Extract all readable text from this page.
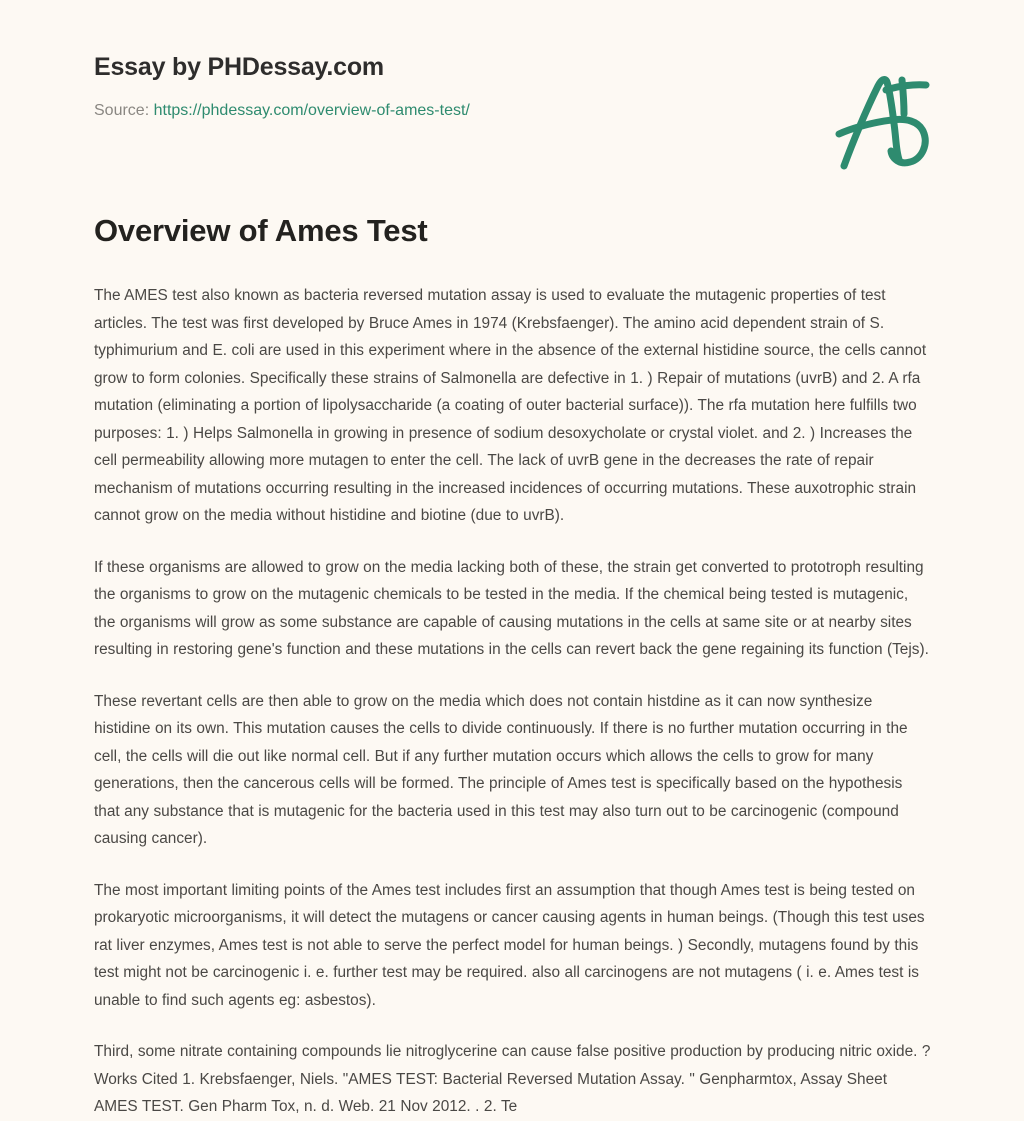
Essay by PHDessay.com
Source: https://phdessay.com/overview-of-ames-test/
Overview of Ames Test

The AMES test also known as bacteria reversed mutation assay is used to evaluate the mutagenic properties of test articles. The test was first developed by Bruce Ames in 1974 (Krebsfaenger). The amino acid dependent strain of S. typhimurium and E. coli are used in this experiment where in the absence of the external histidine source, the cells cannot grow to form colonies. Specifically these strains of Salmonella are defective in 1. ) Repair of mutations (uvrB) and 2. A rfa mutation (eliminating a portion of lipolysaccharide (a coating of outer bacterial surface)). The rfa mutation here fulfills two purposes: 1. ) Helps Salmonella in growing in presence of sodium desoxycholate or crystal violet. and 2. ) Increases the cell permeability allowing more mutagen to enter the cell. The lack of uvrB gene in the decreases the rate of repair mechanism of mutations occurring resulting in the increased incidences of occurring mutations. These auxotrophic strain cannot grow on the media without histidine and biotine (due to uvrB).

If these organisms are allowed to grow on the media lacking both of these, the strain get converted to prototroph resulting the organisms to grow on the mutagenic chemicals to be tested in the media. If the chemical being tested is mutagenic, the organisms will grow as some substance are capable of causing mutations in the cells at same site or at nearby sites resulting in restoring gene's function and these mutations in the cells can revert back the gene regaining its function (Tejs).

These revertant cells are then able to grow on the media which does not contain histdine as it can now synthesize histidine on its own. This mutation causes the cells to divide continuously. If there is no further mutation occurring in the cell, the cells will die out like normal cell. But if any further mutation occurs which allows the cells to grow for many generations, then the cancerous cells will be formed. The principle of Ames test is specifically based on the hypothesis that any substance that is mutagenic for the bacteria used in this test may also turn out to be carcinogenic (compound causing cancer).

The most important limiting points of the Ames test includes first an assumption that though Ames test is being tested on prokaryotic microorganisms, it will detect the mutagens or cancer causing agents in human beings. (Though this test uses rat liver enzymes, Ames test is not able to serve the perfect model for human beings. ) Secondly, mutagens found by this test might not be carcinogenic i. e. further test may be required. also all carcinogens are not mutagens ( i. e. Ames test is unable to find such agents eg: asbestos).

Third, some nitrate containing compounds lie nitroglycerine can cause false positive production by producing nitric oxide. ? Works Cited 1. Krebsfaenger, Niels. "AMES TEST: Bacterial Reversed Mutation Assay. " Genpharmtox, Assay Sheet AMES TEST. Gen Pharm Tox, n. d. Web. 21 Nov 2012. . 2. Te
